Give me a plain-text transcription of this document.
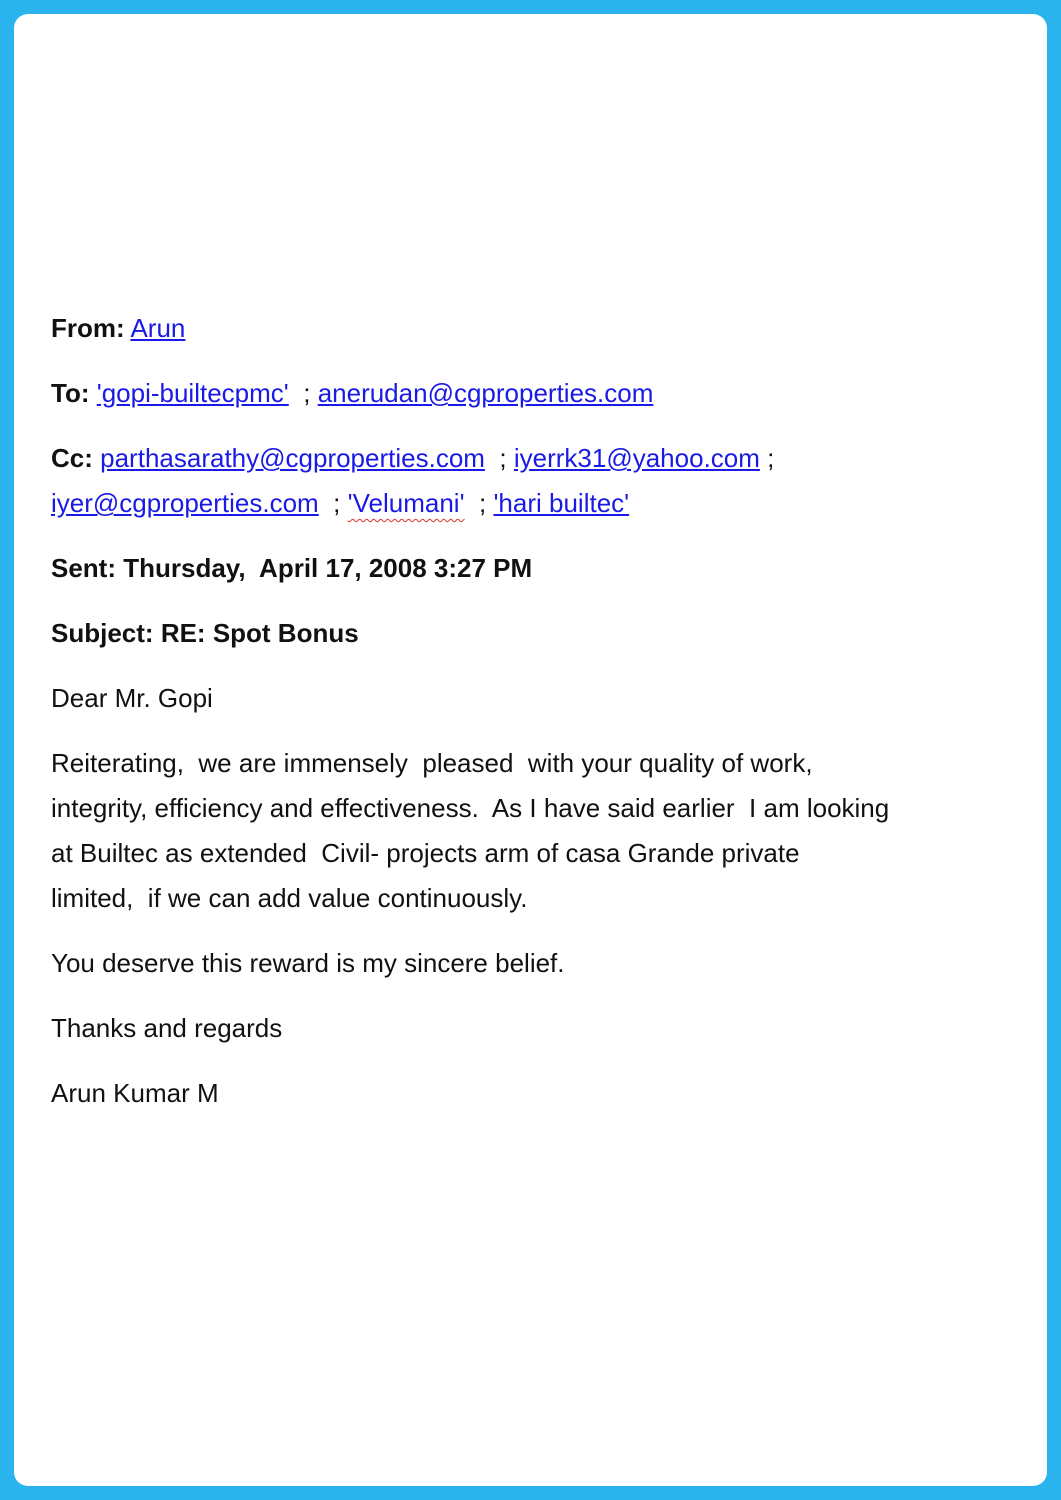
From: Arun

To: 'gopi-builtecpmc' ; anerudan@cgproperties.com

Cc: parthasarathy@cgproperties.com ; iyerrk31@yahoo.com ;

iyer@cgproperties.com ; 'Velumani' ; 'hari builtec'

Sent: Thursday,  April 17, 2008 3:27 PM

Subject: RE: Spot Bonus

Dear Mr. Gopi

Reiterating,  we are immensely  pleased  with your quality of work,

integrity, efficiency and effectiveness.  As I have said earlier  I am looking

at Builtec as extended  Civil- projects arm of casa Grande private

limited,  if we can add value continuously.

You deserve this reward is my sincere belief.

Thanks and regards

Arun Kumar M
